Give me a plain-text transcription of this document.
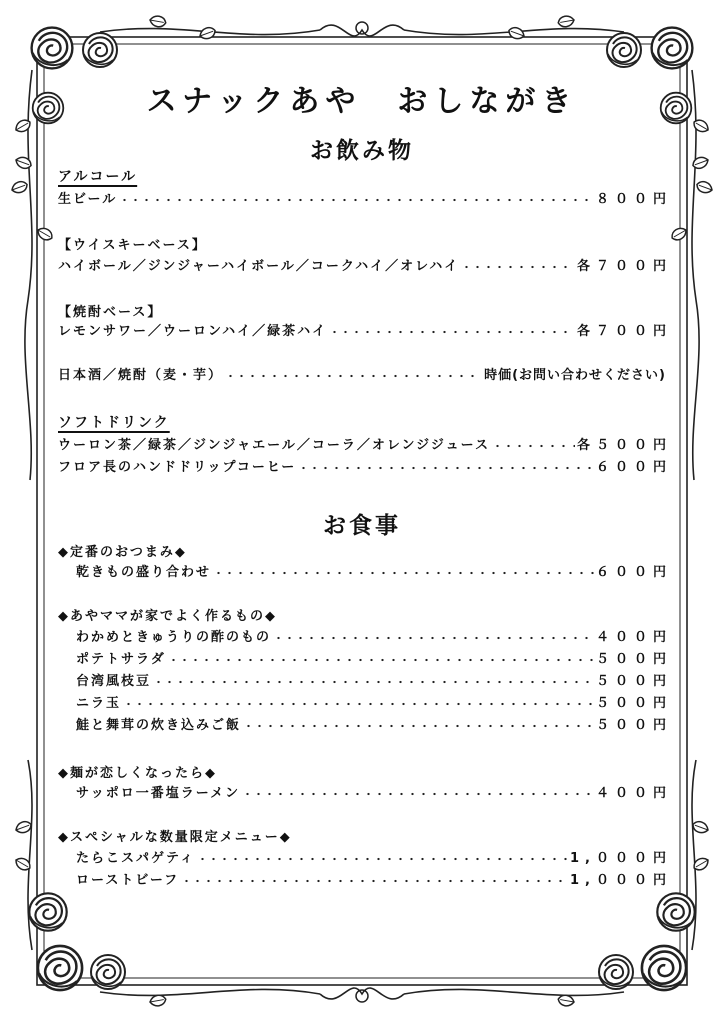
スナックあや　おしながき
お飲み物
アルコール
生ビール	８００円
【ウイスキーベース】
ハイボール／ジンジャーハイボール／コークハイ／オレハイ	各７００円
【焼酎ベース】
レモンサワー／ウーロンハイ／緑茶ハイ	各７００円
日本酒／焼酎（麦・芋）	時価(お問い合わせください)
ソフトドリンク
ウーロン茶／緑茶／ジンジャエール／コーラ／オレンジジュース	各５００円
フロア長のハンドドリップコーヒー	６００円
お食事
◆定番のおつまみ◆
乾きもの盛り合わせ	６００円
◆あやママが家でよく作るもの◆
わかめときゅうりの酢のもの	４００円
ポテトサラダ	５００円
台湾風枝豆	５００円
ニラ玉	５００円
鮭と舞茸の炊き込みご飯	５００円
◆麺が恋しくなったら◆
サッポロ一番塩ラーメン	４００円
◆スペシャルな数量限定メニュー◆
たらこスパゲティ	1,０００円
ローストビーフ	1,０００円
